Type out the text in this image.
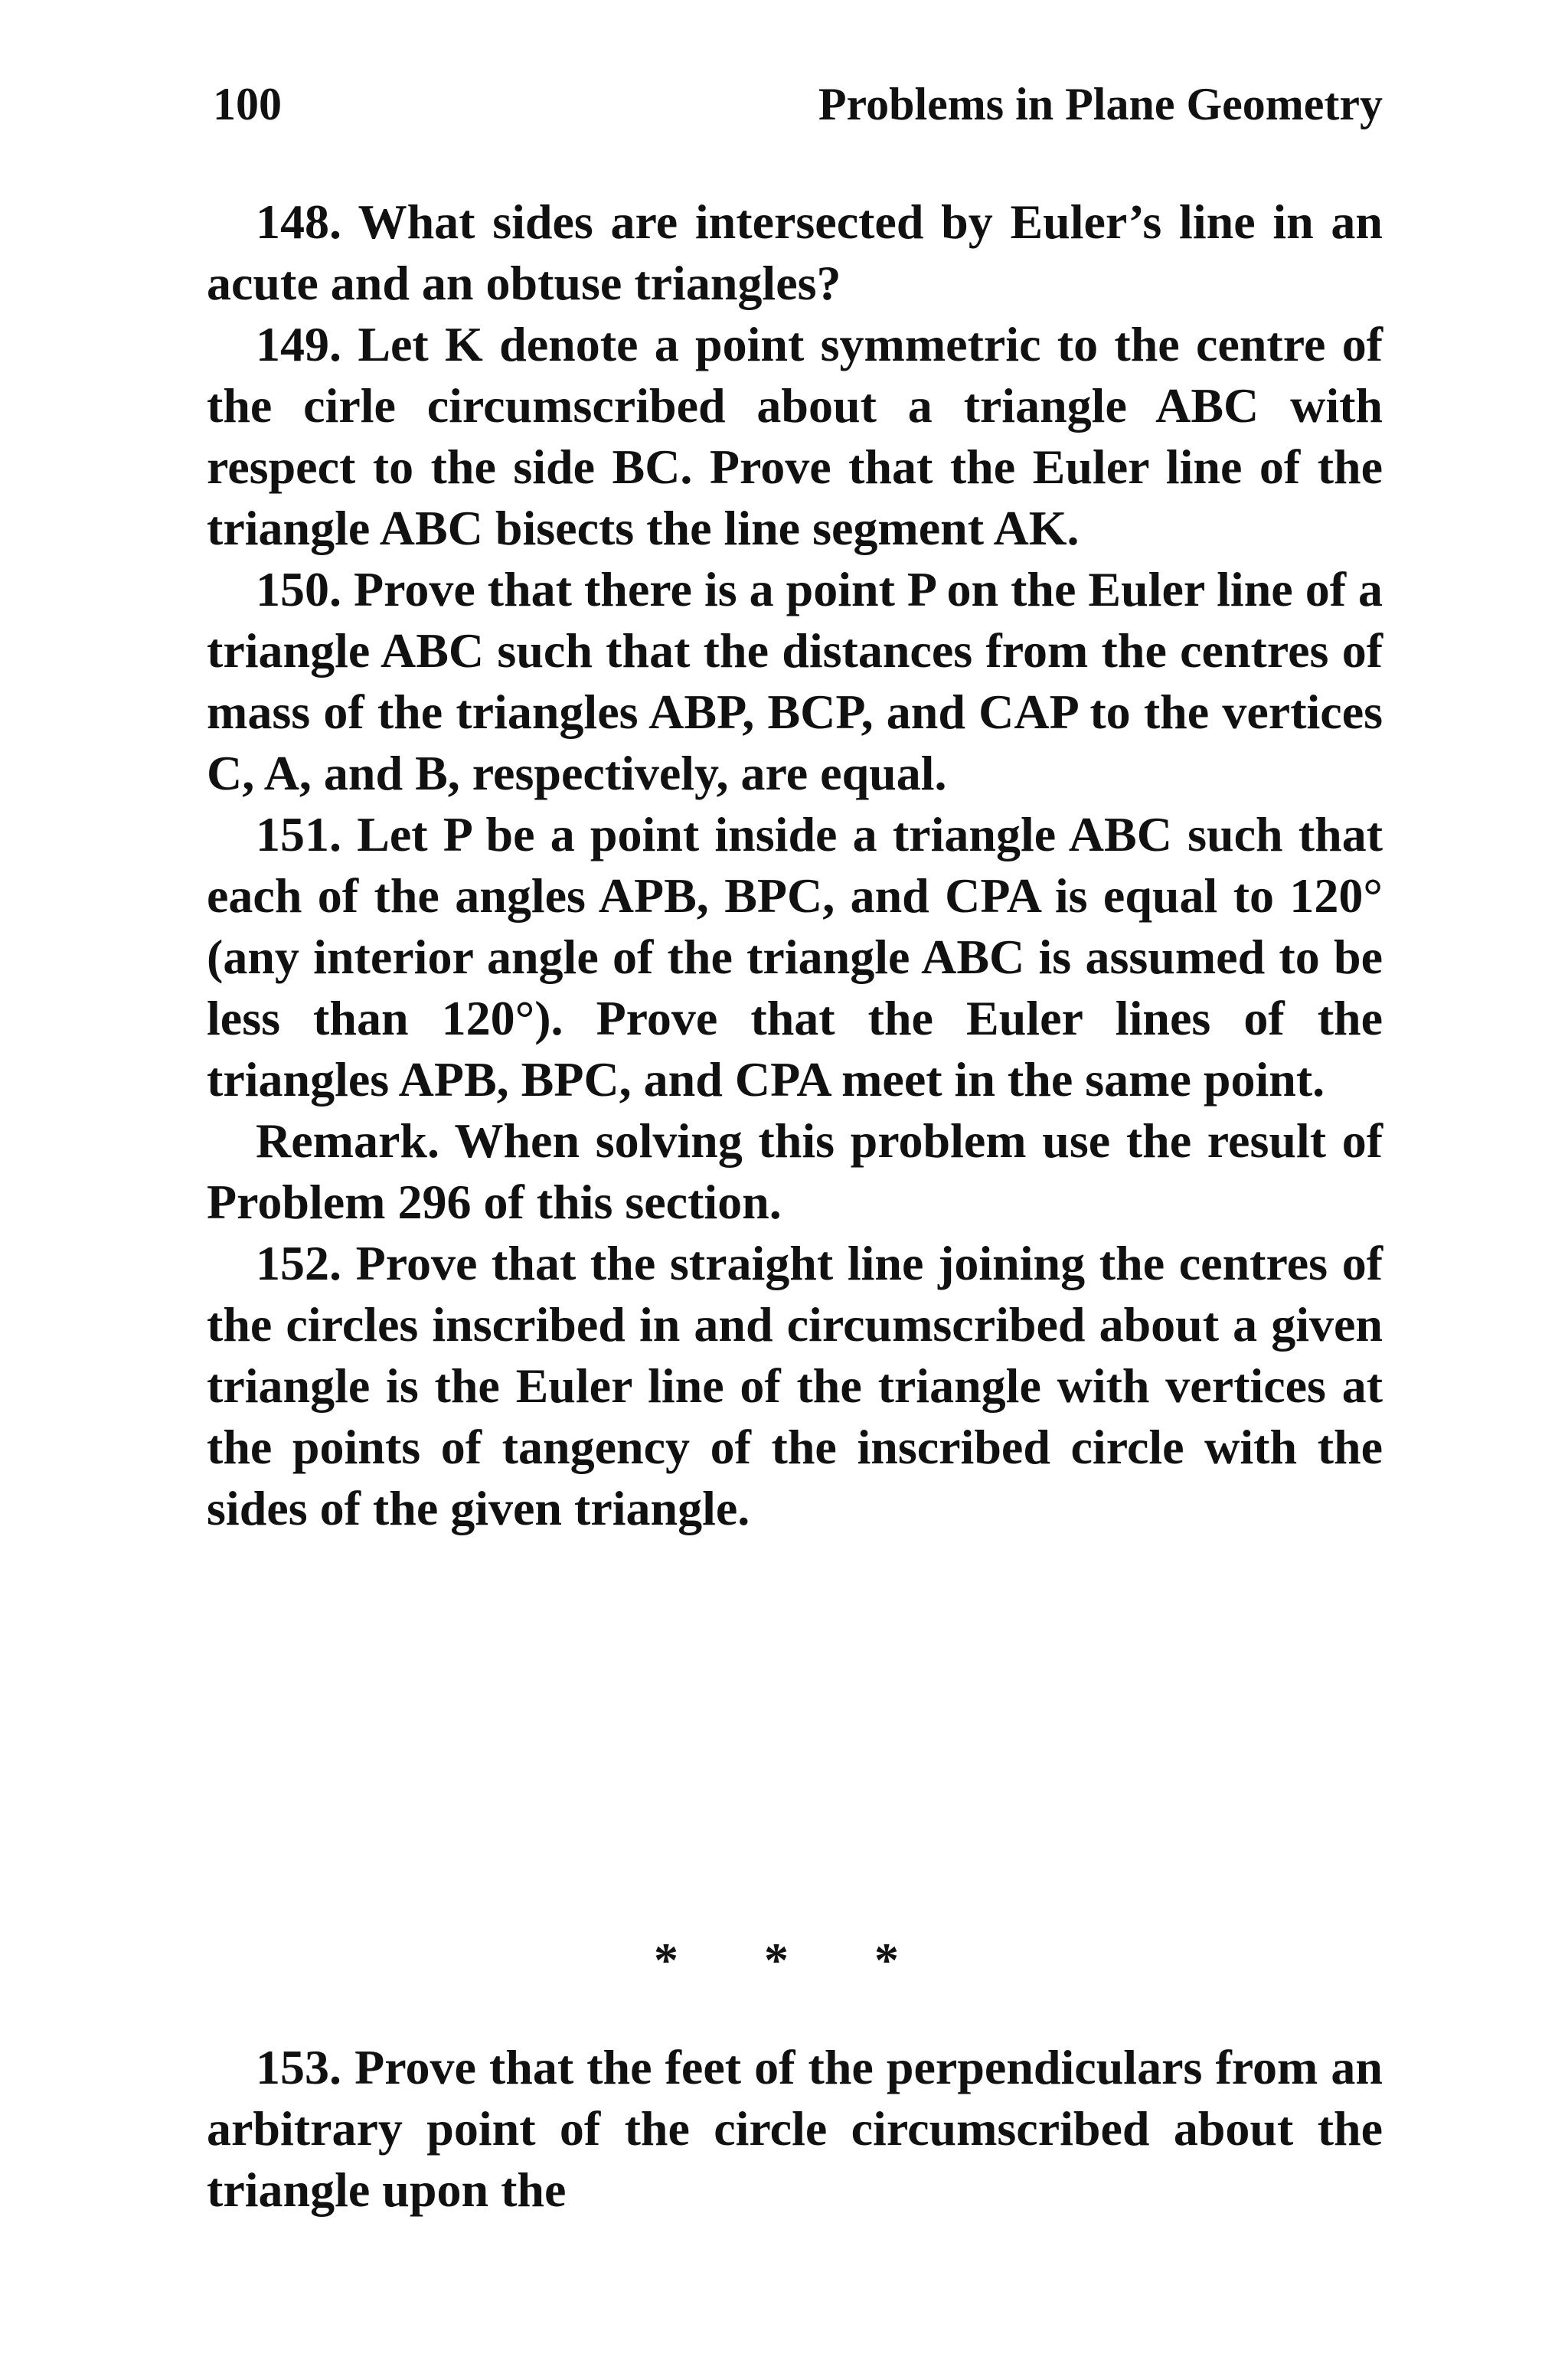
100	Problems in Plane Geometry

148. What sides are intersected by Euler’s line in an acute and an obtuse triangles?

149. Let K denote a point symmetric to the centre of the cirle circumscribed about a triangle ABC with respect to the side BC. Prove that the Euler line of the triangle ABC bisects the line segment AK.

150. Prove that there is a point P on the Euler line of a triangle ABC such that the distances from the centres of mass of the triangles ABP, BCP, and CAP to the vertices C, A, and B, respectively, are equal.

151. Let P be a point inside a triangle ABC such that each of the angles APB, BPC, and CPA is equal to 120° (any interior angle of the triangle ABC is assumed to be less than 120°). Prove that the Euler lines of the triangles APB, BPC, and CPA meet in the same point.

Remark. When solving this problem use the result of Problem 296 of this section.

152. Prove that the straight line joining the centres of the circles inscribed in and circumscribed about a given triangle is the Euler line of the triangle with vertices at the points of tangency of the inscribed circle with the sides of the given triangle.

* * *

153. Prove that the feet of the perpendiculars from an arbitrary point of the circle circumscribed about the triangle upon the
